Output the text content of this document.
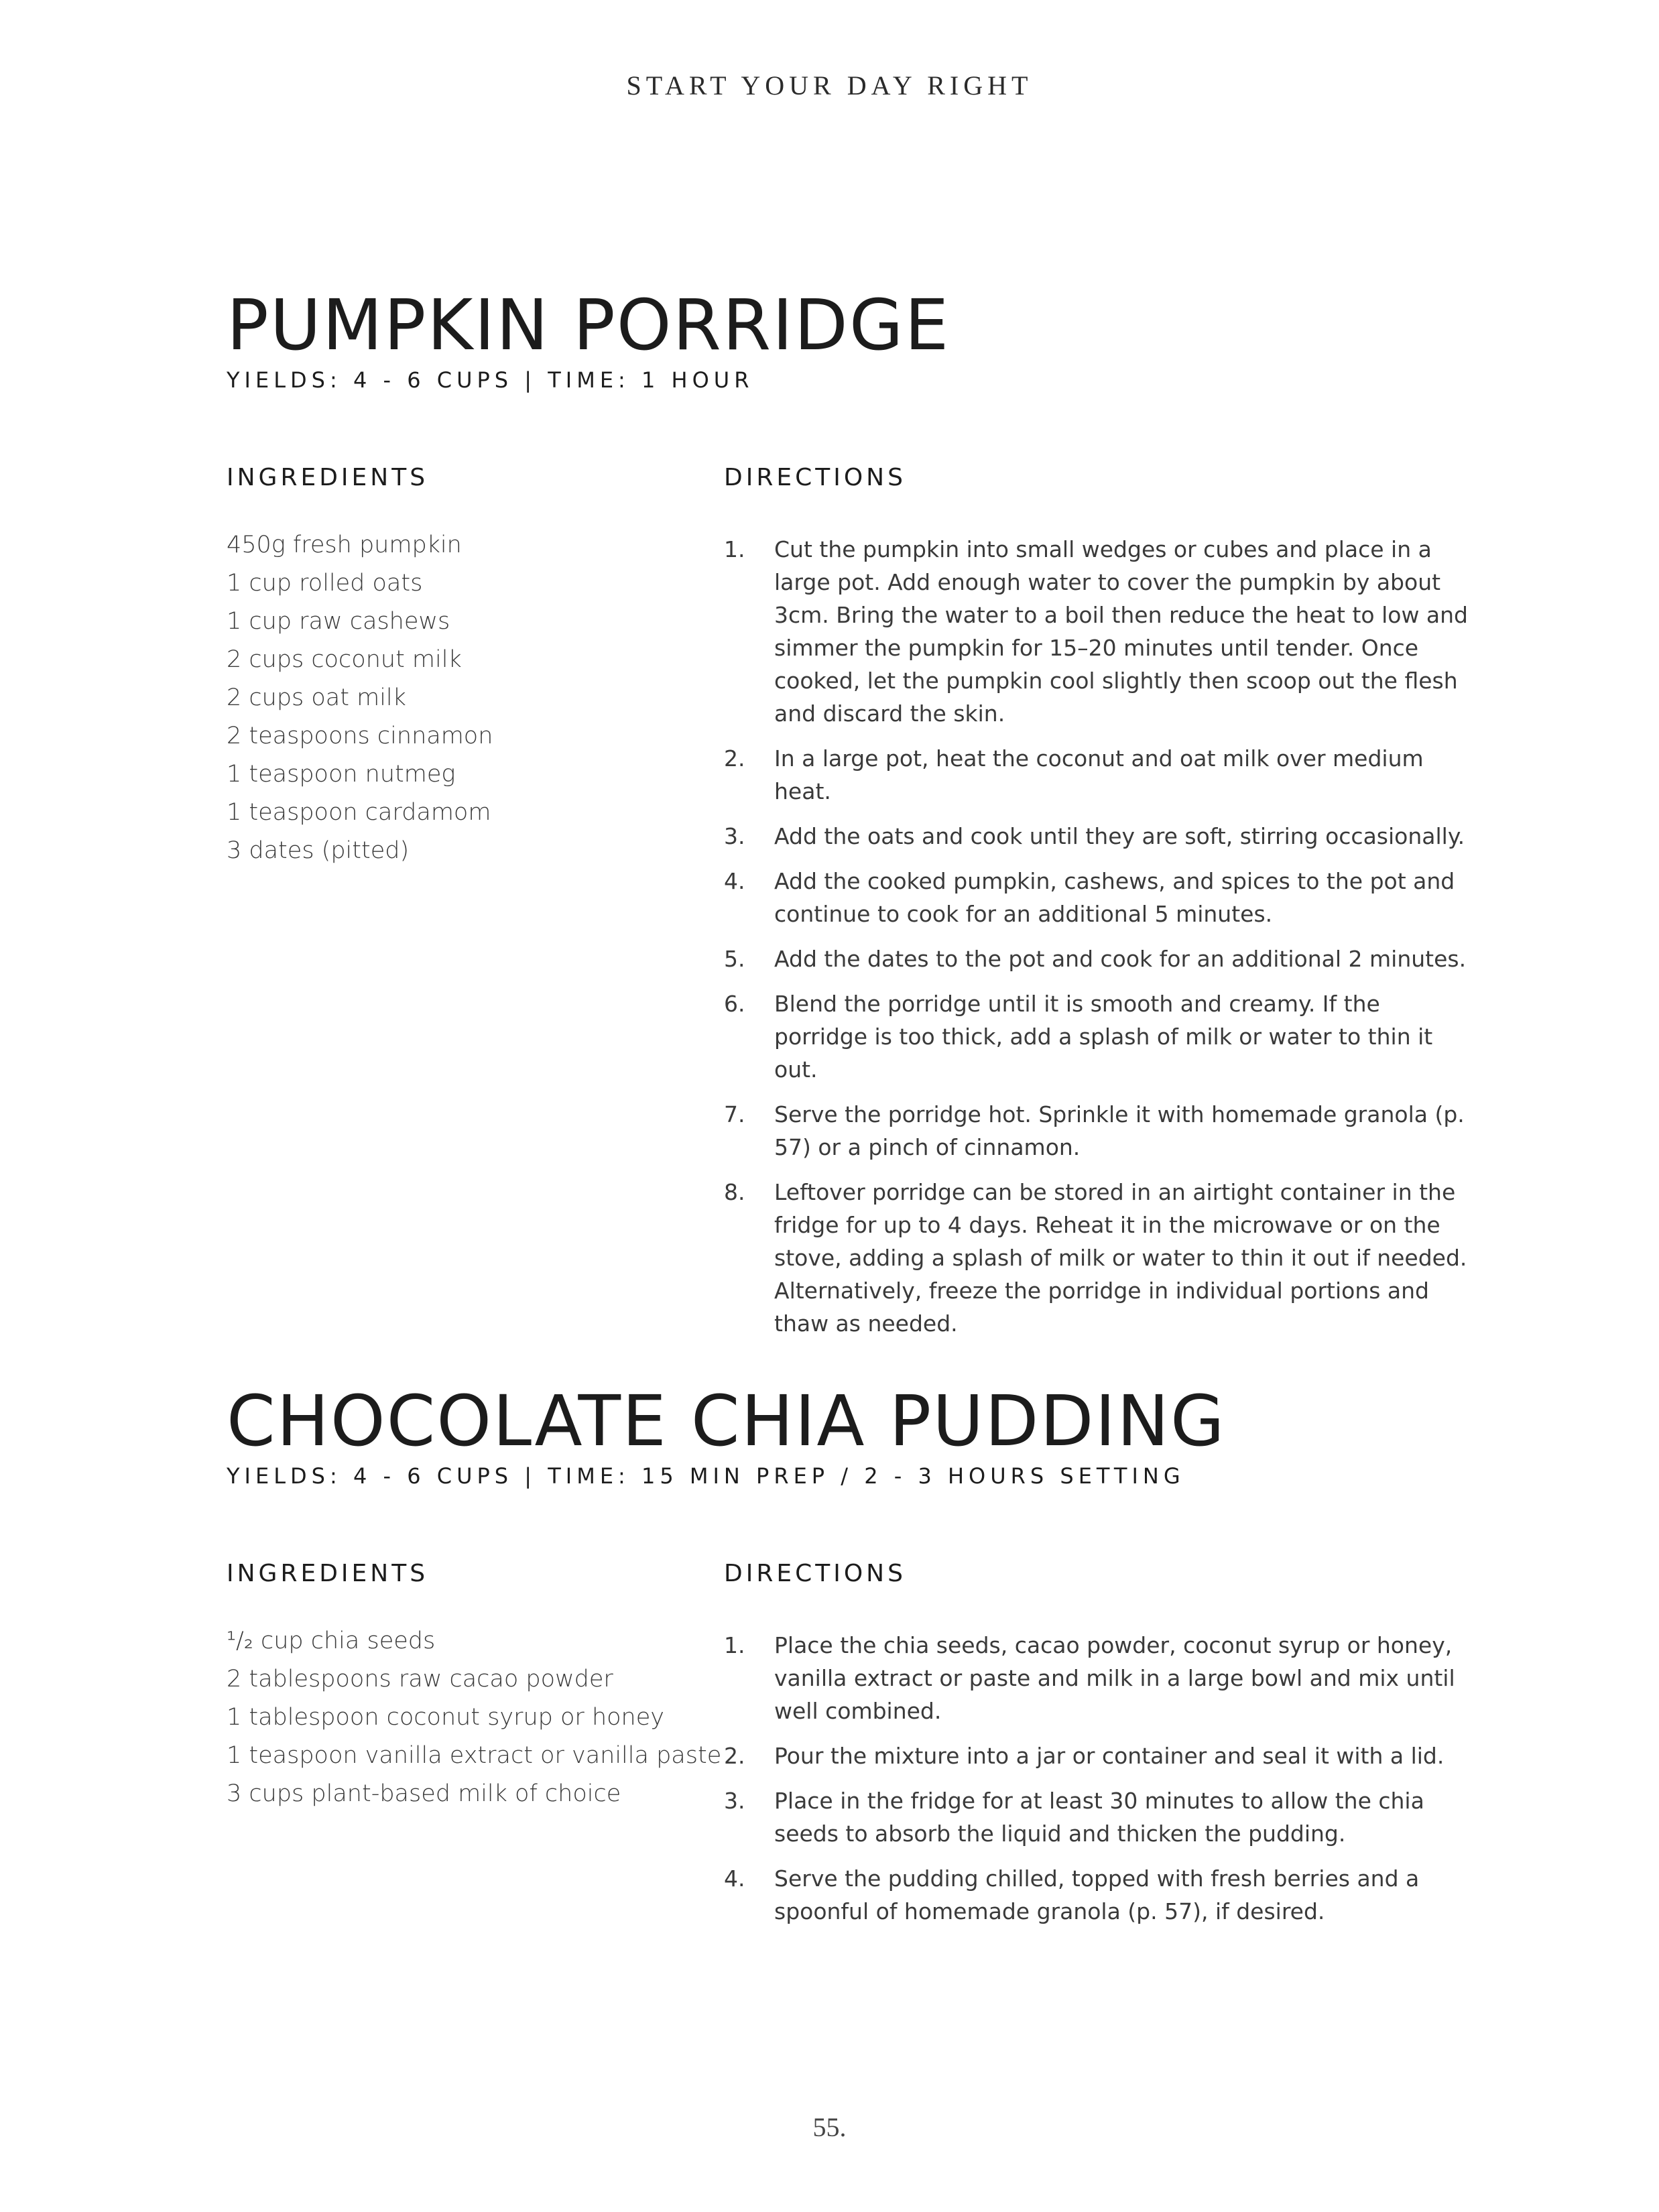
START YOUR DAY RIGHT
PUMPKIN PORRIDGE
YIELDS: 4 - 6 CUPS | TIME: 1 HOUR
INGREDIENTS
450g fresh pumpkin
1 cup rolled oats
1 cup raw cashews
2 cups coconut milk
2 cups oat milk
2 teaspoons cinnamon
1 teaspoon nutmeg
1 teaspoon cardamom
3 dates (pitted)
DIRECTIONS
1. Cut the pumpkin into small wedges or cubes and place in a large pot. Add enough water to cover the pumpkin by about 3cm. Bring the water to a boil then reduce the heat to low and simmer the pumpkin for 15–20 minutes until tender. Once cooked, let the pumpkin cool slightly then scoop out the flesh and discard the skin.
2. In a large pot, heat the coconut and oat milk over medium heat.
3. Add the oats and cook until they are soft, stirring occasionally.
4. Add the cooked pumpkin, cashews, and spices to the pot and continue to cook for an additional 5 minutes.
5. Add the dates to the pot and cook for an additional 2 minutes.
6. Blend the porridge until it is smooth and creamy. If the porridge is too thick, add a splash of milk or water to thin it out.
7. Serve the porridge hot. Sprinkle it with homemade granola (p. 57) or a pinch of cinnamon.
8. Leftover porridge can be stored in an airtight container in the fridge for up to 4 days. Reheat it in the microwave or on the stove, adding a splash of milk or water to thin it out if needed. Alternatively, freeze the porridge in individual portions and thaw as needed.
CHOCOLATE CHIA PUDDING
YIELDS: 4 - 6 CUPS | TIME: 15 MIN PREP / 2 - 3 HOURS SETTING
INGREDIENTS
¹/₂ cup chia seeds
2 tablespoons raw cacao powder
1 tablespoon coconut syrup or honey
1 teaspoon vanilla extract or vanilla paste
3 cups plant-based milk of choice
DIRECTIONS
1. Place the chia seeds, cacao powder, coconut syrup or honey, vanilla extract or paste and milk in a large bowl and mix until well combined.
2. Pour the mixture into a jar or container and seal it with a lid.
3. Place in the fridge for at least 30 minutes to allow the chia seeds to absorb the liquid and thicken the pudding.
4. Serve the pudding chilled, topped with fresh berries and a spoonful of homemade granola (p. 57), if desired.
55.
